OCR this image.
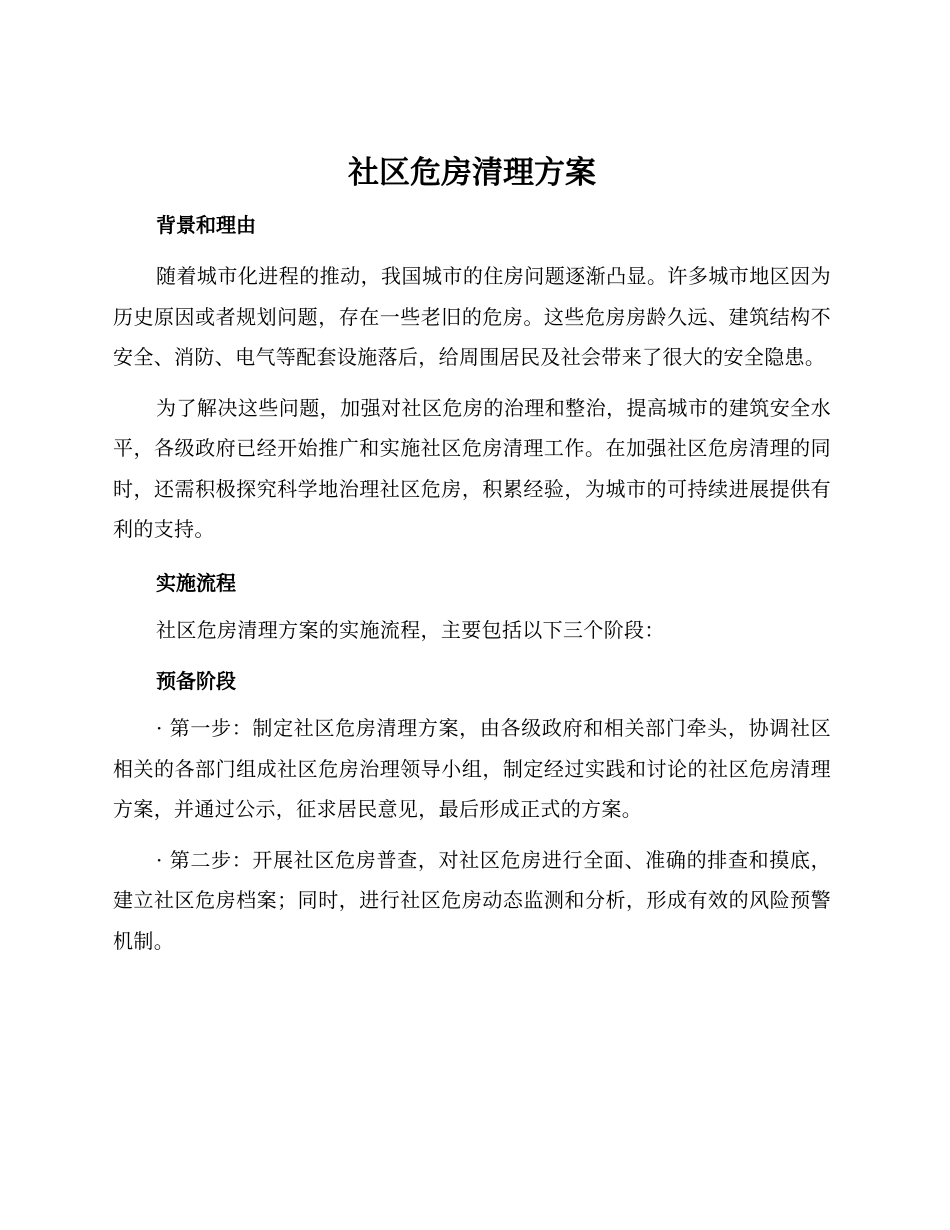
社区危房清理方案
背景和理由

随着城市化进程的推动，我国城市的住房问题逐渐凸显。许多城市地区因为历史原因或者规划问题，存在一些老旧的危房。这些危房房龄久远、建筑结构不安全、消防、电气等配套设施落后，给周围居民及社会带来了很大的安全隐患。

为了解决这些问题，加强对社区危房的治理和整治，提高城市的建筑安全水平，各级政府已经开始推广和实施社区危房清理工作。在加强社区危房清理的同时，还需积极探究科学地治理社区危房，积累经验，为城市的可持续进展提供有利的支持。

实施流程

社区危房清理方案的实施流程，主要包括以下三个阶段：

预备阶段

· 第一步：制定社区危房清理方案，由各级政府和相关部门牵头，协调社区相关的各部门组成社区危房治理领导小组，制定经过实践和讨论的社区危房清理方案，并通过公示，征求居民意见，最后形成正式的方案。

· 第二步：开展社区危房普查，对社区危房进行全面、准确的排查和摸底，建立社区危房档案；同时，进行社区危房动态监测和分析，形成有效的风险预警机制。
